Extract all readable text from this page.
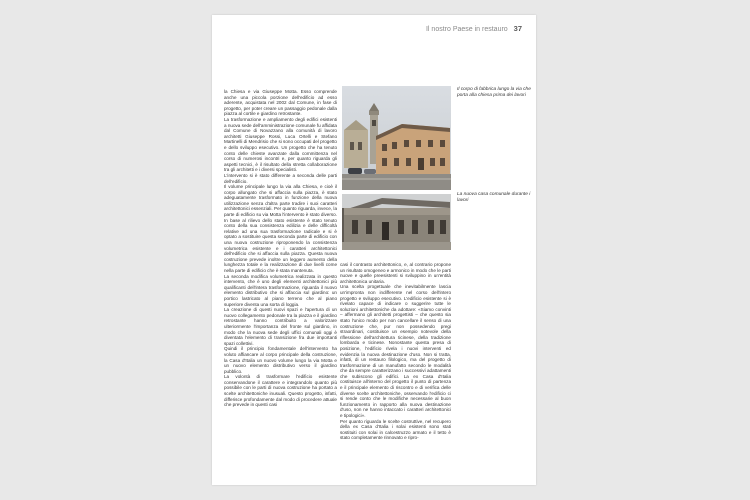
Il nostro Paese in restauro 37

la Chiesa e via Giuseppe Motta. Esso comprende anche una piccola porzione dell'edificio ad esso aderente, acquistata nel 2002 dal Comune, in fase di progetto, per poter creare un passaggio pedonale dalla piazza al cortile e giardino retrostante.

La trasformazione e ampliamento degli edifici esistenti a nuova sede dell'amministrazione comunale fu affidata dal Comune di Novazzano alla comunità di lavoro architetti Giuseppe Rossi, Luca Ortelli e Stefano Martinelli di Mendrisio che si sono occupati del progetto e dello sviluppo esecutivo. Un progetto che ha tenuto conto delle chieste avanzate dalla committenza nel corso di numerosi incontri e, per quanto riguarda gli aspetti tecnici, è il risultato della stretta collaborazione tra gli architetti e i diversi specialisti.

L'intervento si è stato differente a seconda delle parti dell'edificio.

Il volume principale lungo la via alla Chiesa, e cioè il corpo allungato che si affaccia sulla piazza, è stato adeguatamente trasformato in funzione della nuova utilizzazione senza d'altra parte tradire i suoi caratteri architettonici essenziali. Per quanto riguarda, invece, la parte di edificio su via Motta l'intervento è stato diverso. In base al rilievo dello stato esistente è stato tenuto conto della sua consistenza edilizia e delle difficoltà relative ad una sua trasformazione radicale e si è optato a sostituire questa seconda parte di edificio con una nuova costruzione riproponendo la consistenza volumetrica esistente e i caratteri architettonici dell'edificio che si affaccia sulla piazza. Questa nuova costruzione prevede inoltre un leggero aumento della lunghezza totale e la realizzazione di due livelli come nella parte di edificio che è stata mantenuta.

La seconda modifica volumetrica realizzata in questo intervento, che è uno degli elementi architettonici più qualificanti dell'intera trasformazione, riguarda il nuovo elemento distributivo che si affaccia sul giardino: un portico lastricato al piano terreno che al piano superiore diventa una sorta di loggia.

La creazione di questi nuovi spazi e l'apertura di un nuovo collegamento pedonale tra la piazza e il giardino retrostante hanno contribuito a valorizzare ulteriormente l'importanza del fronte sul giardino, in modo che la nuova sede degli uffici comunali oggi è diventata l'elemento di transizione fra due importanti spazi collettivi.

Quindi il principio fondamentale dell'intervento ha voluto affiancare al corpo principale della costruzione, la Casa d'Italia un nuovo volume lungo la via Motta e un nuovo elemento distributivo verso il giardino pubblico.

La volontà di trasformare l'edificio esistente conservandone il carattere e integrandolo quanto più possibile con le parti di nuova costruzione ha portato a scelte architettoniche inusuali. Questo progetto, infatti, differisce profondamente dal modo di procedere attuale che prevede in questi casi

Il corpo di fabbrica lungo la via che porta alla chiesa prima dei lavori
La nuova casa comunale durante i lavori

casi il contrasto architettonico, e, al contrario propone un risultato omogeneo e armonico in modo che le parti nuove e quelle preesistenti si sviluppino in un'entità architettonica unitaria.

Una scelta progettuale che inevitabilmente lascia un'impronta non indifferente nel corso dell'intero progetto e sviluppo esecutivo. L'edificio esistente si è rivelato capace di indicare o suggerire tutte le soluzioni architettoniche da adottare: «Siamo convinti – affermano gli architetti progettisti – che questo sia stato l'unico modo per non cancellare il senso di una costruzione che, pur non possedendo pregi straordinari, costituisce un esempio notevole della riflessione dell'architettura ticinese, della tradizione lombarda e ticinese. Nonostante questa presa di posizione, l'edificio rivela i nuovi interventi ed evidenzia la nuova destinazione d'uso. Non si tratta, infatti, di un restauro filologico, ma del progetto di trasformazione di un manufatto secondo le modalità che da sempre caratterizzano i successivi adattamenti che subiscono gli edifici. La ex Casa d'Italia costituisce all'interno del progetto il punto di partenza e il principale elemento di riscontro e di verifica delle diverse scelte architettoniche, osservando l'edificio ci si rende conto che le modifiche necessarie al buon funzionamento in rapporto alla nuova destinazione d'uso, non ne hanno intaccato i caratteri architettonici e tipologici».

Per quanto riguarda le scelte costruttive, nel recupero della ex Casa d'Italia i solai esistenti sono stati sostituiti con solai in calcestruzzo armato e il tetto è stato completamente rinnovato e ripro-
